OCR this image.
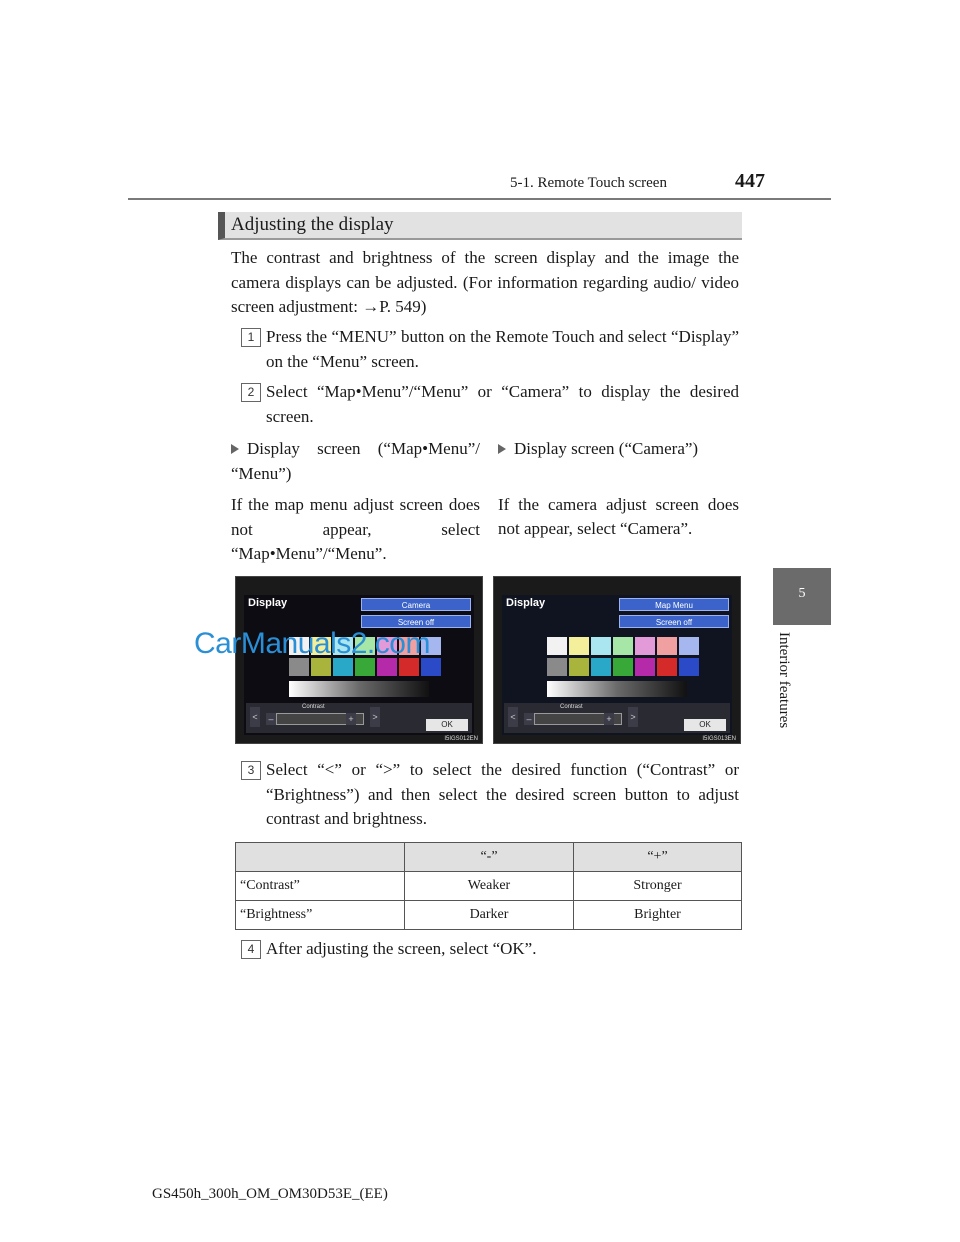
5-1. Remote Touch screen	447
5
Interior features
Adjusting the display
The contrast and brightness of the screen display and the image the camera displays can be adjusted. (For information regarding audio/ video screen adjustment: →P. 549)
1 Press the “MENU” button on the Remote Touch and select “Display” on the “Menu” screen.
2 Select “Map•Menu”/“Menu” or “Camera” to display the desired screen.
Display screen (“Map•Menu”/ “Menu”)
If the map menu adjust screen does not appear, select “Map•Menu”/“Menu”.
Display screen (“Camera”)
If the camera adjust screen does not appear, select “Camera”.
Display	Camera
Screen off
<
Contrast
–	+ >
OK
I5IGS012EN
Display	Map Menu
Screen off
<
Contrast
–	+ >
OK
I5IGS013EN
CarManuals2.com
3 Select “<” or “>” to select the desired function (“Contrast” or “Brightness”) and then select the desired screen button to adjust contrast and brightness.
	“-”	“+”
“Contrast”	Weaker	Stronger
“Brightness”	Darker	Brighter
4 After adjusting the screen, select “OK”.
GS450h_300h_OM_OM30D53E_(EE)
